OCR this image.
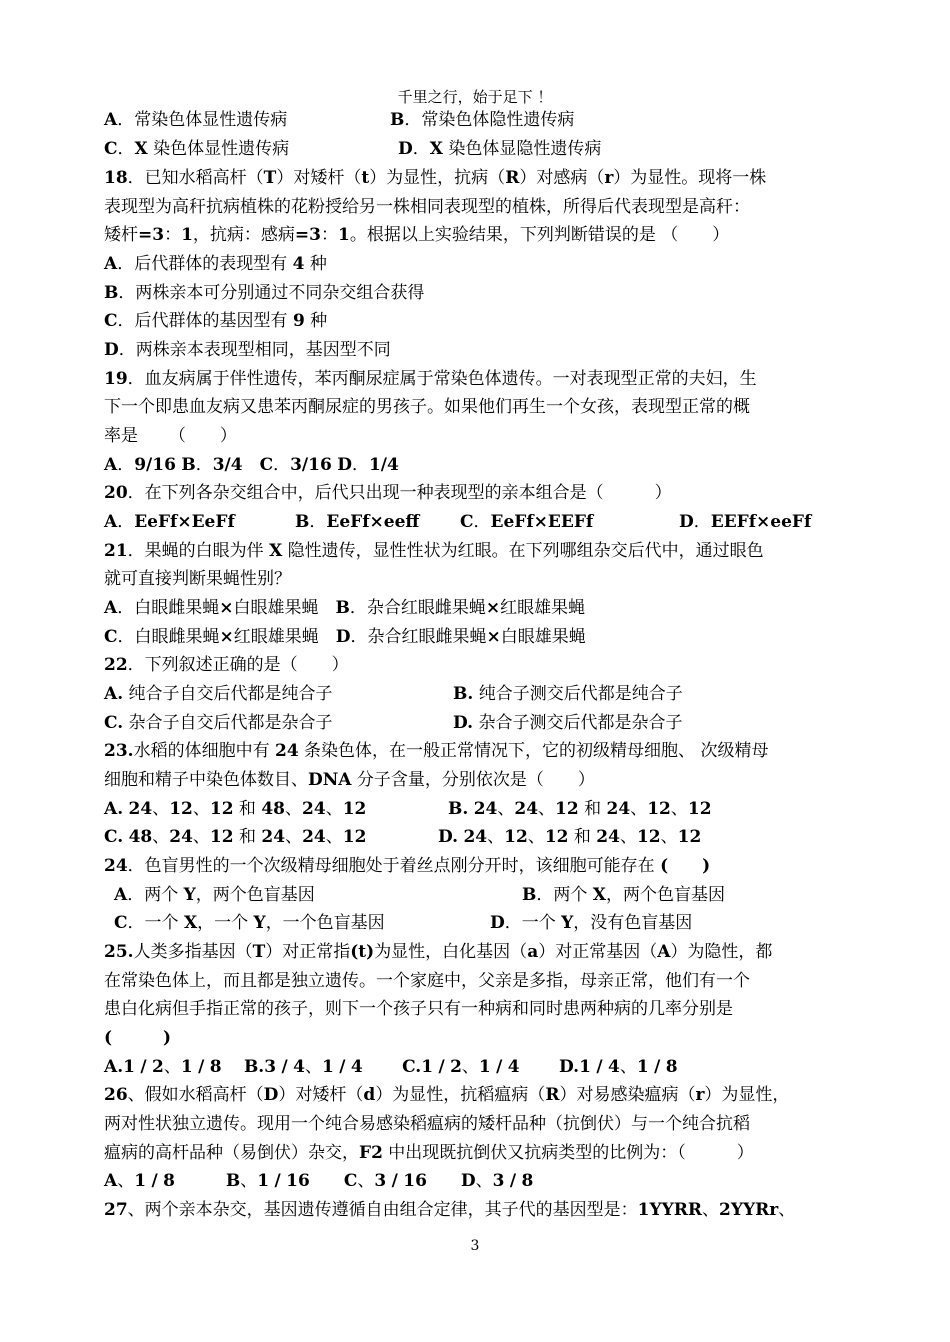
千里之行，始于足下 ！
A．常染色体显性遗传病	B．常染色体隐性遗传病
C．X 染色体显性遗传病	D．X 染色体显隐性遗传病
18．已知水稻高杆（T）对矮杆（t）为显性，抗病（R）对感病（r）为显性。现将一株
表现型为高秆抗病植株的花粉授给另一株相同表现型的植株，所得后代表现型是高秆：
矮杆=3：1，抗病：感病=3：1。根据以上实验结果，下列判断错误的是 （　　）
A．后代群体的表现型有 4 种
B．两株亲本可分别通过不同杂交组合获得
C．后代群体的基因型有 9 种
D．两株亲本表现型相同，基因型不同
19．血友病属于伴性遗传，苯丙酮尿症属于常染色体遗传。一对表现型正常的夫妇，生
下一个即患血友病又患苯丙酮尿症的男孩子。如果他们再生一个女孩，表现型正常的概
率是 　　（　　）
A．9/16 B．3/4　 C．3/16 D．1/4
20．在下列各杂交组合中，后代只出现一种表现型的亲本组合是（　　　）
A．EeFf×EeFf	B．EeFf×eeff C．EeFf×EEFf	D．EEFf×eeFf
21．果蝇的白眼为伴 X 隐性遗传，显性性状为红眼。在下列哪组杂交后代中，通过眼色
就可直接判断果蝇性别？
A．白眼雌果蝇×白眼雄果蝇　B．杂合红眼雌果蝇×红眼雄果蝇
C．白眼雌果蝇×红眼雄果蝇　D．杂合红眼雌果蝇×白眼雄果蝇
22．下列叙述正确的是（　　）
A. 纯合子自交后代都是纯合子	B. 纯合子测交后代都是纯合子
C. 杂合子自交后代都是杂合子	D. 杂合子测交后代都是杂合子
23.水稻的体细胞中有 24 条染色体，在一般正常情况下，它的初级精母细胞、 次级精母
细胞和精子中染色体数目、DNA 分子含量，分别依次是（　　）
A. 24、12、12 和 48、24、12	B. 24、24、12 和 24、12、12
C. 48、24、12 和 24、24、12	D. 24、12、12 和 24、12、12
24．色盲男性的一个次级精母细胞处于着丝点刚分开时，该细胞可能存在 (　　 )
A．两个 Y，两个色盲基因	B．两个 X，两个色盲基因
C．一个 X，一个 Y，一个色盲基因	D．一个 Y，没有色盲基因
25.人类多指基因（T）对正常指(t)为显性，白化基因（a）对正常基因（A）为隐性，都
在常染色体上，而且都是独立遗传。一个家庭中，父亲是多指，母亲正常，他们有一个
患白化病但手指正常的孩子，则下一个孩子只有一种病和同时患两种病的几率分别是
(　　　	)
A.1 / 2、1 / 8　 B.3 / 4、1 / 4 　　 C.1 / 2、1 / 4 　　 D.1 / 4、1 / 8
26、假如水稻高杆（D）对矮杆（d）为显性，抗稻瘟病（R）对易感染瘟病（r）为显性，
两对性状独立遗传。现用一个纯合易感染稻瘟病的矮杆品种（抗倒伏）与一个纯合抗稻
瘟病的高杆品种（易倒伏）杂交，F2 中出现既抗倒伏又抗病类型的比例为：（　　　）
A、1 / 8　　　	B、1 / 16　　 C、3 / 16　　 D、3 / 8
27、两个亲本杂交，基因遗传遵循自由组合定律，其子代的基因型是：1YYRR、2YYRr、
3
